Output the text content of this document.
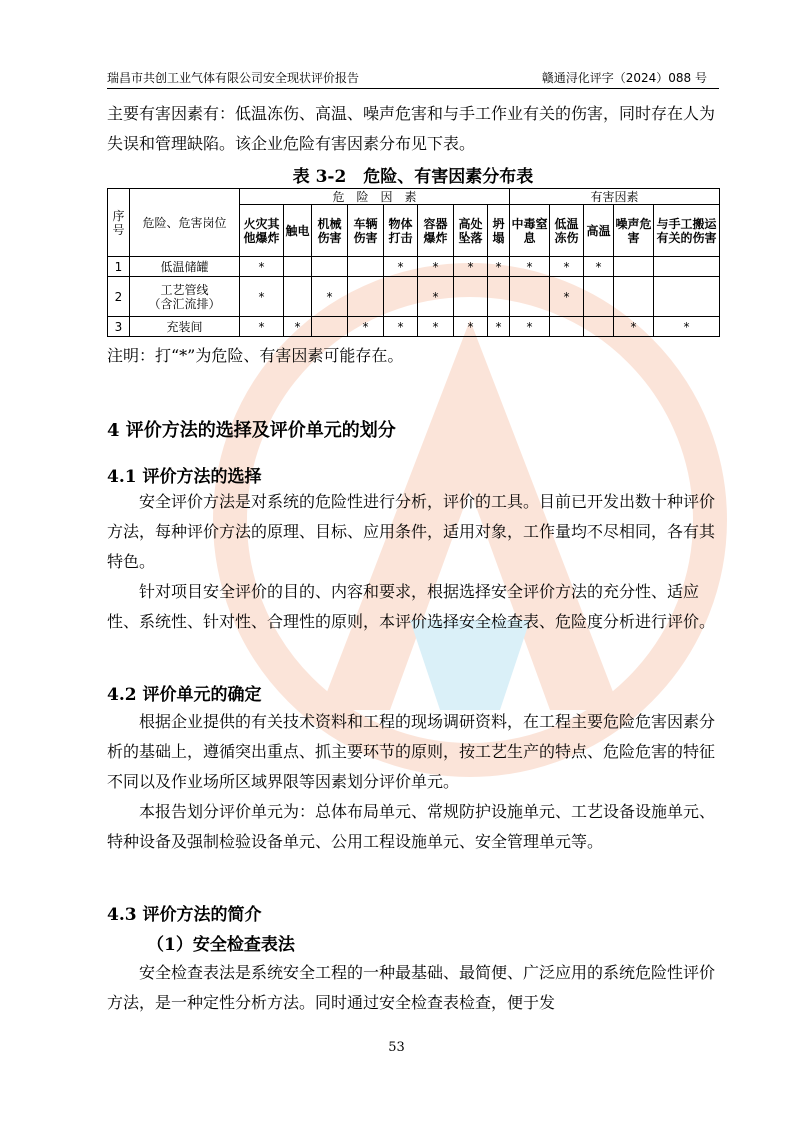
瑞昌市共创工业气体有限公司安全现状评价报告	赣通浔化评字（2024）088 号

主要有害因素有：低温冻伤、高温、噪声危害和与手工作业有关的伤害，同时存在人为失误和管理缺陷。该企业危险有害因素分布见下表。

表 3-2　危险、有害因素分布表
序号	危险、危害岗位	危　险　因　素								有害因素				
		火灾其他爆炸	触电	机械伤害	车辆伤害	物体打击	容器爆炸	高处坠落	坍塌	中毒窒息	低温冻伤	高温	噪声危害	与手工搬运有关的伤害
1	低温储罐	*				*	*	*	*	*	*	*		
2	工艺管线
（含汇流排）	*		*			*				*			
3	充装间	*	*		*	*	*	*	*	*			*	*
注明：打“*”为危险、有害因素可能存在。
4 评价方法的选择及评价单元的划分
4.1 评价方法的选择

安全评价方法是对系统的危险性进行分析，评价的工具。目前已开发出数十种评价方法，每种评价方法的原理、目标、应用条件，适用对象，工作量均不尽相同，各有其特色。

针对项目安全评价的目的、内容和要求，根据选择安全评价方法的充分性、适应性、系统性、针对性、合理性的原则，本评价选择安全检查表、危险度分析进行评价。

4.2 评价单元的确定

根据企业提供的有关技术资料和工程的现场调研资料，在工程主要危险危害因素分析的基础上，遵循突出重点、抓主要环节的原则，按工艺生产的特点、危险危害的特征不同以及作业场所区域界限等因素划分评价单元。

本报告划分评价单元为：总体布局单元、常规防护设施单元、工艺设备设施单元、特种设备及强制检验设备单元、公用工程设施单元、安全管理单元等。

4.3 评价方法的简介
（1）安全检查表法

安全检查表法是系统安全工程的一种最基础、最简便、广泛应用的系统危险性评价方法，是一种定性分析方法。同时通过安全检查表检查，便于发

53
